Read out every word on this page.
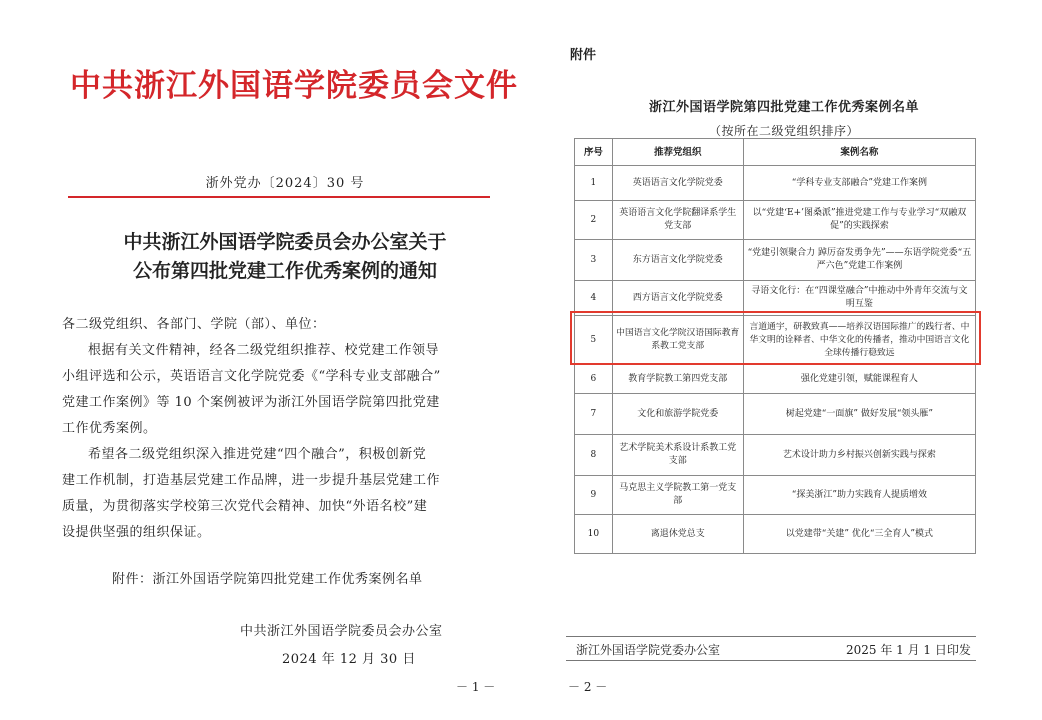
中共浙江外国语学院委员会文件
浙外党办〔2024〕30 号
中共浙江外国语学院委员会办公室关于
公布第四批党建工作优秀案例的通知
各二级党组织、各部门、学院（部）、单位：

根据有关文件精神，经各二级党组织推荐、校党建工作领导

小组评选和公示，英语语言文化学院党委《“学科专业支部融合”

党建工作案例》等 10 个案例被评为浙江外国语学院第四批党建

工作优秀案例。

希望各二级党组织深入推进党建“四个融合”，积极创新党

建工作机制，打造基层党建工作品牌，进一步提升基层党建工作

质量，为贯彻落实学校第三次党代会精神、加快“外语名校”建

设提供坚强的组织保证。

附件：浙江外国语学院第四批党建工作优秀案例名单
中共浙江外国语学院委员会办公室
2024 年 12 月 30 日
－ 1 －
附件
浙江外国语学院第四批党建工作优秀案例名单
（按所在二级党组织排序）
序号	推荐党组织	案例名称
1	英语语言文化学院党委	“学科专业支部融合”党建工作案例
2	英语语言文化学院翻译系学生党支部	以“党建‘E+’图桑派”推进党建工作与专业学习“双融双促”的实践探索
3	东方语言文化学院党委	“党建引领聚合力 踔厉奋发勇争先”——东语学院党委“五严六色”党建工作案例
4	西方语言文化学院党委	寻语文化行：在“四课堂融合”中推动中外青年交流与文明互鉴
5	中国语言文化学院汉语国际教育系教工党支部	言道通宇，研教致真——培养汉语国际推广的践行者、中华文明的诠释者、中华文化的传播者，推动中国语言文化全球传播行稳致远
6	教育学院教工第四党支部	强化党建引领，赋能课程育人
7	文化和旅游学院党委	树起党建“一面旗” 做好发展“领头雁”
8	艺术学院美术系设计系教工党支部	艺术设计助力乡村振兴创新实践与探索
9	马克思主义学院教工第一党支部	“探美浙江”助力实践育人提质增效
10	离退休党总支	以党建带“关建” 优化“三全育人”模式
浙江外国语学院党委办公室	2025 年 1 月 1 日印发
－ 2 －
